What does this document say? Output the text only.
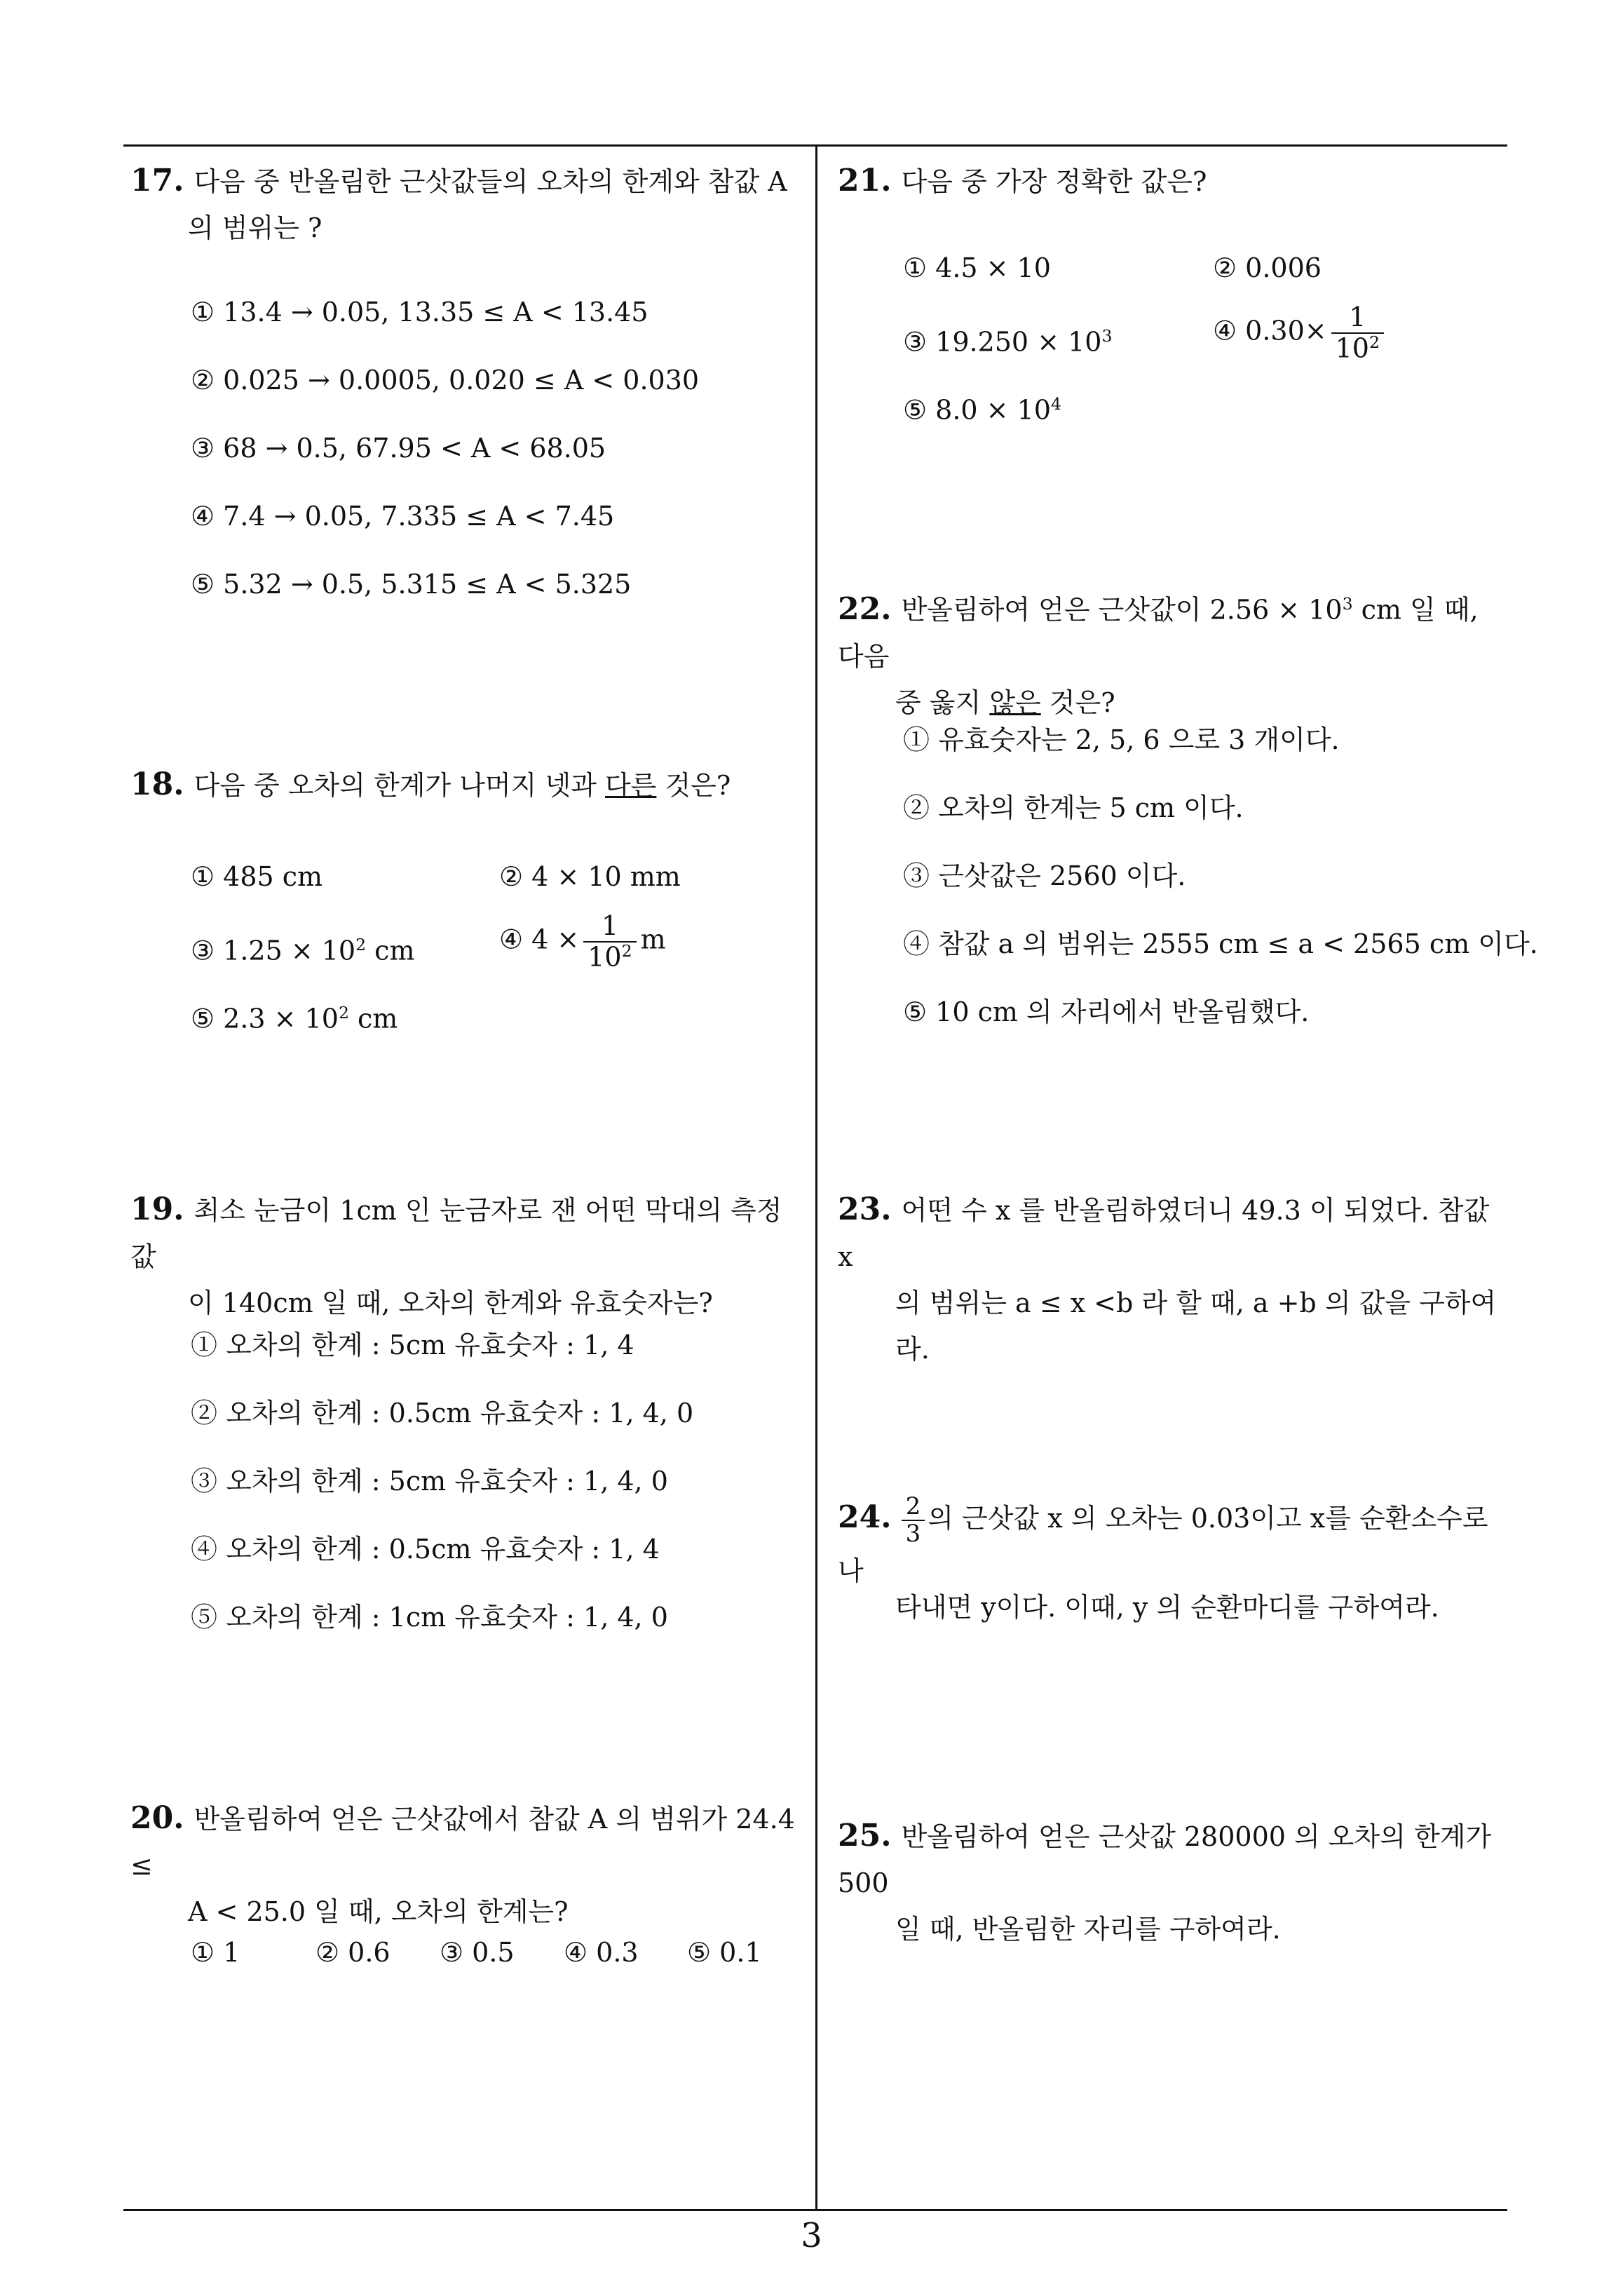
17. 다음 중 반올림한 근삿값들의 오차의 한계와 참값 A
의 범위는 ?
① 13.4 → 0.05, 13.35 ≤ A < 13.45
② 0.025 → 0.0005, 0.020 ≤ A < 0.030
③ 68 → 0.5, 67.95 < A < 68.05
④ 7.4 → 0.05, 7.335 ≤ A < 7.45
⑤ 5.32 → 0.5, 5.315 ≤ A < 5.325
18. 다음 중 오차의 한계가 나머지 넷과 다른 것은?
① 485 cm	② 4 × 10 mm
③ $1.25 \times 10^2$ cm	④ $4 \times \frac{1}{10^2}$ m
⑤ $2.3 \times 10^2$ cm
19. 최소 눈금이 1cm 인 눈금자로 잰 어떤 막대의 측정값
이 140cm 일 때, 오차의 한계와 유효숫자는?
① 오차의 한계 : 5cm 유효숫자 : 1, 4
② 오차의 한계 : 0.5cm 유효숫자 : 1, 4, 0
③ 오차의 한계 : 5cm 유효숫자 : 1, 4, 0
④ 오차의 한계 : 0.5cm 유효숫자 : 1, 4
⑤ 오차의 한계 : 1cm 유효숫자 : 1, 4, 0
20. 반올림하여 얻은 근삿값에서 참값 A 의 범위가 24.4 ≤
A < 25.0 일 때, 오차의 한계는?
① 1	② 0.6 ③ 0.5 ④ 0.3 ⑤ 0.1
21. 다음 중 가장 정확한 값은?
① 4.5 × 10	② 0.006
③ $19.250 \times 10^3$	④ $0.30\times \frac{1}{10^2}$
⑤ $8.0 \times 10^4$
22. 반올림하여 얻은 근삿값이 $2.56 \times 10^3$ cm 일 때, 다음
중 옳지 않은 것은?
① 유효숫자는 2, 5, 6 으로 3 개이다.
② 오차의 한계는 5 cm 이다.
③ 근삿값은 2560 이다.
④ 참값 a 의 범위는 2555 cm ≤ a < 2565 cm 이다.
⑤ 10 cm 의 자리에서 반올림했다.
23. 어떤 수 x 를 반올림하였더니 49.3 이 되었다. 참값 x
의 범위는 a ≤ x <b 라 할 때, a +b 의 값을 구하여라.
24. $\frac{2}{3}$ 의 근삿값 x 의 오차는 0.03̇이고 x를 순환소수로 나
타내면 y이다. 이때, y 의 순환마디를 구하여라.
25. 반올림하여 얻은 근삿값 280000 의 오차의 한계가 500
일 때, 반올림한 자리를 구하여라.
3
